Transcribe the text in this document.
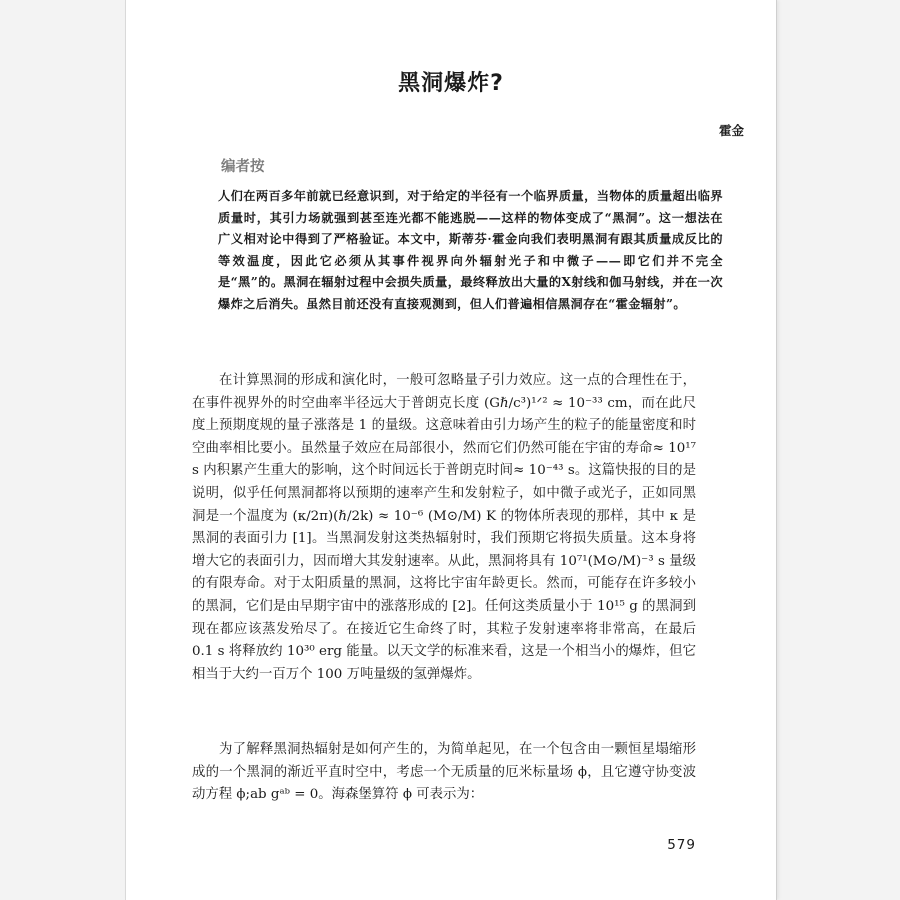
黑洞爆炸?
霍金
编者按

人们在两百多年前就已经意识到，对于给定的半径有一个临界质量，当物体的质量超出临界质量时，其引力场就强到甚至连光都不能逃脱——这样的物体变成了“黑洞”。这一想法在广义相对论中得到了严格验证。本文中，斯蒂芬·霍金向我们表明黑洞有跟其质量成反比的等效温度，因此它必须从其事件视界向外辐射光子和中微子——即它们并不完全是“黑”的。黑洞在辐射过程中会损失质量，最终释放出大量的X射线和伽马射线，并在一次爆炸之后消失。虽然目前还没有直接观测到，但人们普遍相信黑洞存在“霍金辐射”。

在计算黑洞的形成和演化时，一般可忽略量子引力效应。这一点的合理性在于，在事件视界外的时空曲率半径远大于普朗克长度 (Gℏ/c³)¹ᐟ² ≈ 10⁻³³ cm，而在此尺度上预期度规的量子涨落是 1 的量级。这意味着由引力场产生的粒子的能量密度和时空曲率相比要小。虽然量子效应在局部很小，然而它们仍然可能在宇宙的寿命≈ 10¹⁷ s 内积累产生重大的影响，这个时间远长于普朗克时间≈ 10⁻⁴³ s。这篇快报的目的是说明，似乎任何黑洞都将以预期的速率产生和发射粒子，如中微子或光子，正如同黑洞是一个温度为 (κ/2π)(ℏ/2k) ≈ 10⁻⁶ (M⊙/M) K 的物体所表现的那样，其中 κ 是黑洞的表面引力 [1]。当黑洞发射这类热辐射时，我们预期它将损失质量。这本身将增大它的表面引力，因而增大其发射速率。从此，黑洞将具有 10⁷¹(M⊙/M)⁻³ s 量级的有限寿命。对于太阳质量的黑洞，这将比宇宙年龄更长。然而，可能存在许多较小的黑洞，它们是由早期宇宙中的涨落形成的 [2]。任何这类质量小于 10¹⁵ g 的黑洞到现在都应该蒸发殆尽了。在接近它生命终了时，其粒子发射速率将非常高，在最后 0.1 s 将释放约 10³⁰ erg 能量。以天文学的标准来看，这是一个相当小的爆炸，但它相当于大约一百万个 100 万吨量级的氢弹爆炸。

为了解释黑洞热辐射是如何产生的，为简单起见，在一个包含由一颗恒星塌缩形成的一个黑洞的渐近平直时空中，考虑一个无质量的厄米标量场 ϕ，且它遵守协变波动方程 ϕ;ab gᵃᵇ = 0。海森堡算符 ϕ 可表示为：

579
